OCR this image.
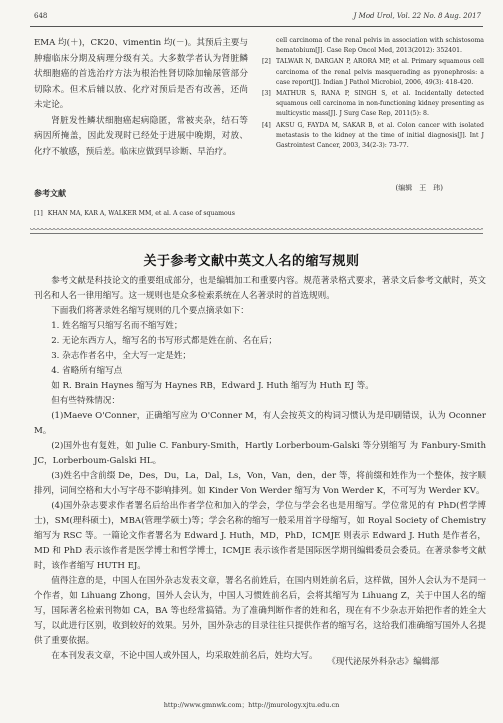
648	J Mod Urol, Vol. 22 No. 8 Aug. 2017

EMA 均(＋)，CK20、vimentin 均(－)。其预后主要与肿瘤临床分期及病理分级有关。大多数学者认为肾脏鳞状细胞癌的首选治疗方法为根治性肾切除加输尿管部分切除术。但术后辅以放、化疗对预后是否有改善，还尚未定论。

肾脏发性鳞状细胞癌起病隐匿，常被夹杂，结石等病因所掩盖，因此发现时已经处于进展中晚期，对放、化疗不敏感，预后差。临床应做到早诊断、早治疗。

参考文献
cell carcinoma of the renal pelvis in association with schistosoma hematobium[J]. Case Rep Oncol Med, 2013(2012): 352401.
[2] TALWAR N, DARGAN P, ARORA MP, et al. Primary squamous cell carcinoma of the renal pelvis masquerading as pyonephrosis: a case report[J]. Indian J Pathol Microbiol, 2006, 49(3): 418-420.
[3] MATHUR S, RANA P, SINGH S, et al. Incidentally detected squamous cell carcinoma in non-functioning kidney presenting as multicystic mass[J]. J Surg Case Rep, 2011(5): 8.
[4] AKSU G, FAYDA M, SAKAR B, et al. Colon cancer with isolated metastasis to the kidney at the time of initial diagnosis[J]. Int J Gastrointest Cancer, 2003, 34(2-3): 73-77.
(编辑　王　玮)
[1] KHAN MA, KAR A, WALKER MM, et al. A case of squamous
关于参考文献中英文人名的缩写规则

参考文献是科技论文的重要组成部分，也是编辑加工和重要内容。规范著录格式要求，著录文后参考文献时，英文刊名和人名一律用缩写。这一规则也是众多检索系统在人名著录时的首选规则。

下面我们将著录姓名缩写规则的几个要点摘录如下：

1. 姓名缩写只缩写名而不缩写姓；

2. 无论东西方人，缩写名的书写形式都是姓在前、名在后；

3. 杂志作者名中，全大写一定是姓；

4. 省略所有缩写点

如 R. Brain Haynes 缩写为 Haynes RB，Edward J. Huth 缩写为 Huth EJ 等。

但有些特殊情况：

(1)Maeve O'Conner，正确缩写应为 O'Conner M，有人会按英文的构词习惯认为是印刷错误，认为 Oconner M。

(2)国外也有复姓，如 Julie C. Fanbury-Smith，Hartly Lorberboum-Galski 等分别缩写 为 Fanbury-Smith JC，Lorberboum-Galski HL。

(3)姓名中含前缀 De，Des，Du，La，Dal，Ls，Von，Van，den，der 等，将前缀和姓作为一个整体，按字顺排列，词间空格和大小写字母不影响排列。如 Kinder Von Werder 缩写为 Von Werder K，不可写为 Werder KV。

(4)国外杂志要求作者署名后给出作者学位和加入的学会，学位与学会名也是用缩写。学位常见的有 PhD(哲学博士)，SM(理科硕士)，MBA(管理学硕士)等；学会名称的缩写一般采用首字母缩写，如 Royal Society of Chemistry 缩写为 RSC 等。一篇论文作者署名为 Edward J. Huth，MD，PhD，ICMJE 则表示 Edward J. Huth 是作者名，MD 和 PhD 表示该作者是医学博士和哲学博士，ICMJE 表示该作者是国际医学期刊编辑委员会委员。在著录参考文献时，该作者缩写 HUTH EJ。

值得注意的是，中国人在国外杂志发表文章，署名名前姓后，在国内则姓前名后，这样做，国外人会认为不是同一个作者，如 Lihuang Zhong，国外人会认为，中国人习惯姓前名后，会将其缩写为 Lihuang Z，关于中国人名的缩写，国际著名检索刊物如 CA，BA 等也经常搞错。为了准确判断作者的姓和名，现在有不少杂志开始把作者的姓全大写，以此进行区别，收到较好的效果。另外，国外杂志的目录往往只提供作者的缩写名，这给我们准确缩写国外人名提供了重要依据。

在本刊发表文章，不论中国人或外国人，均采取姓前名后，姓均大写。

《现代泌尿外科杂志》编辑部
http://www.gmnwk.com；http://jmurology.xjtu.edu.cn
